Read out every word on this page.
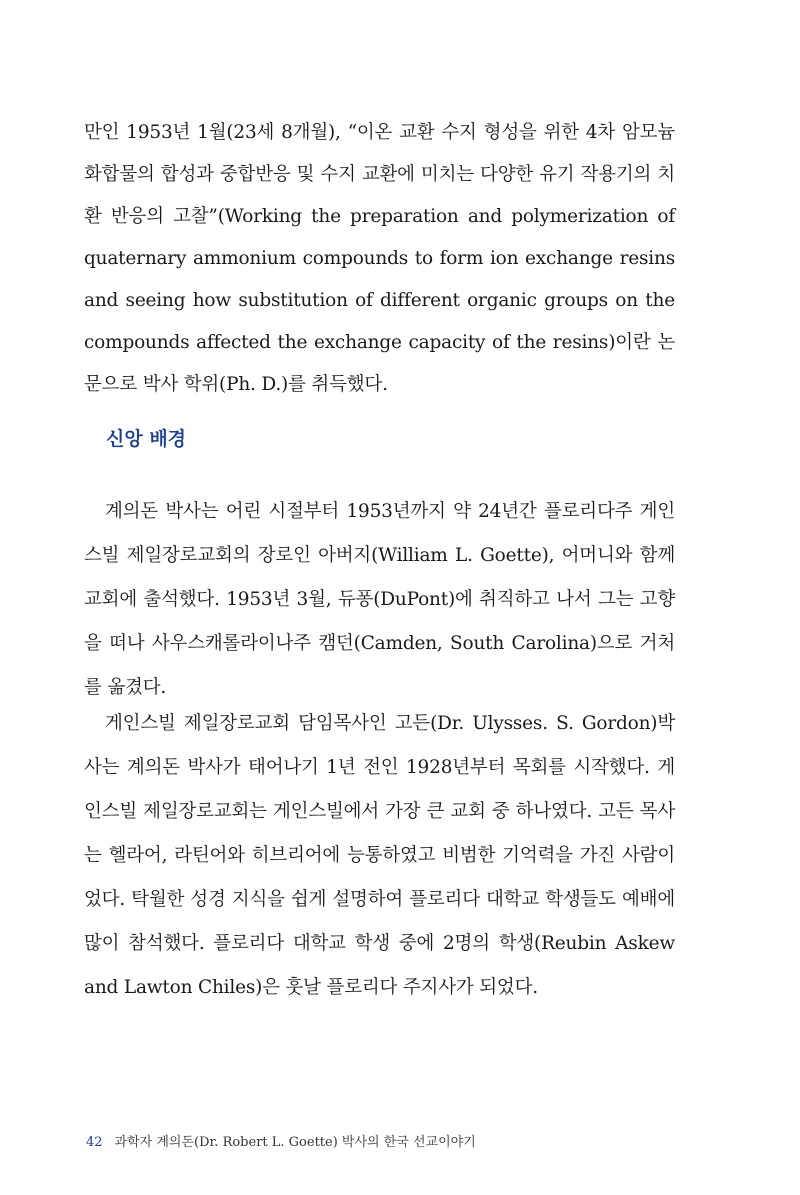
만인 1953년 1월(23세 8개월), “이온 교환 수지 형성을 위한 4차 암모늄 화합물의 합성과 중합반응 및 수지 교환에 미치는 다양한 유기 작용기의 치환 반응의 고찰”(Working the preparation and polymerization of quaternary ammonium compounds to form ion exchange resins and seeing how substitution of different organic groups on the compounds affected the exchange capacity of the resins)이란 논문으로 박사 학위(Ph. D.)를 취득했다.

신앙 배경

계의돈 박사는 어린 시절부터 1953년까지 약 24년간 플로리다주 게인스빌 제일장로교회의 장로인 아버지(William L. Goette), 어머니와 함께 교회에 출석했다. 1953년 3월, 듀퐁(DuPont)에 취직하고 나서 그는 고향을 떠나 사우스캐롤라이나주 캠던(Camden, South Carolina)으로 거처를 옮겼다.

게인스빌 제일장로교회 담임목사인 고든(Dr. Ulysses. S. Gordon)박사는 계의돈 박사가 태어나기 1년 전인 1928년부터 목회를 시작했다. 게인스빌 제일장로교회는 게인스빌에서 가장 큰 교회 중 하나였다. 고든 목사는 헬라어, 라틴어와 히브리어에 능통하였고 비범한 기억력을 가진 사람이었다. 탁월한 성경 지식을 쉽게 설명하여 플로리다 대학교 학생들도 예배에 많이 참석했다. 플로리다 대학교 학생 중에 2명의 학생(Reubin Askew and Lawton Chiles)은 훗날 플로리다 주지사가 되었다.

42 과학자 계의돈(Dr. Robert L. Goette) 박사의 한국 선교이야기
